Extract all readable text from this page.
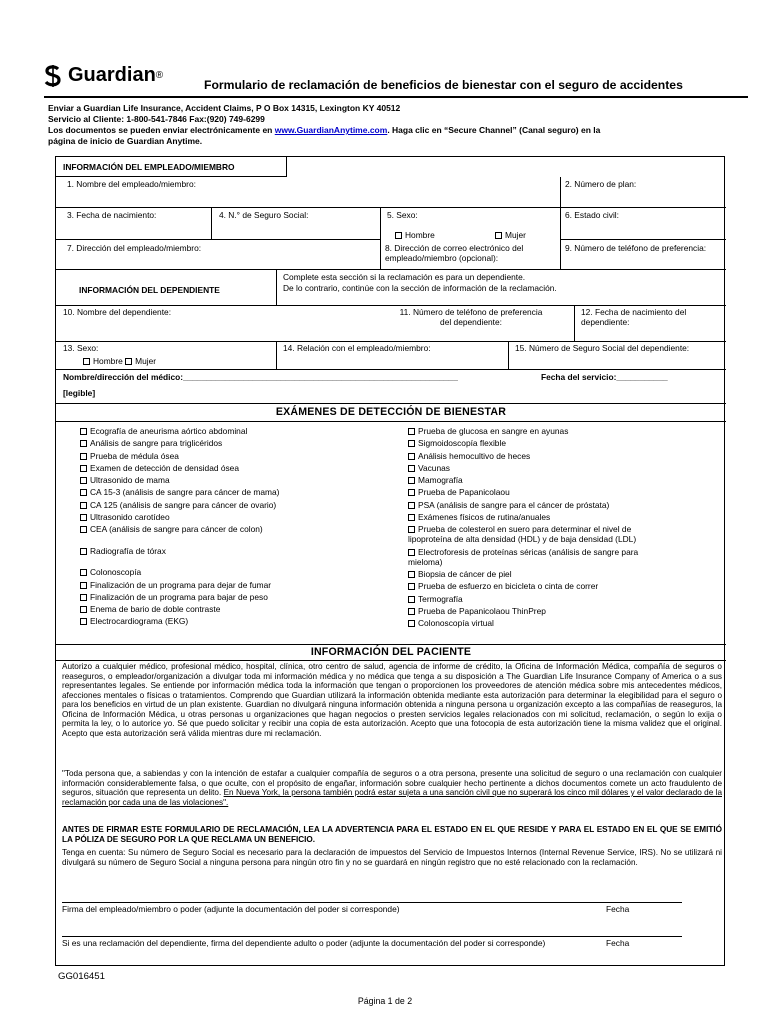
Guardian ®
Formulario de reclamación de beneficios de bienestar con el seguro de accidentes
Enviar a Guardian Life Insurance, Accident Claims, P O Box 14315, Lexington KY 40512
Servicio al Cliente: 1-800-541-7846 Fax:(920) 749-6299
Los documentos se pueden enviar electrónicamente en www.GuardianAnytime.com. Haga clic en “Secure Channel” (Canal seguro) en la
página de inicio de Guardian Anytime.
INFORMACIÓN DEL EMPLEADO/MIEMBRO
1. Nombre del empleado/miembro:	2. Número de plan:
3. Fecha de nacimiento:	4. N.° de Seguro Social:	5. Sexo:
Hombre	Mujer
6. Estado civil:
7. Dirección del empleado/miembro:	8. Dirección de correo electrónico del empleado/miembro (opcional):
9. Número de teléfono de preferencia:
INFORMACIÓN DEL DEPENDIENTE
Complete esta sección si la reclamación es para un dependiente.
De lo contrario, continúe con la sección de información de la reclamación.
10. Nombre del dependiente:	11. Número de teléfono de preferencia del dependiente:
12. Fecha de nacimiento del dependiente:
13. Sexo:
Hombre Mujer
14. Relación con el empleado/miembro:	15. Número de Seguro Social del dependiente:
Nombre/dirección del médico:___________________________________________________________	Fecha del servicio:___________
[legible]
EXÁMENES DE DETECCIÓN DE BIENESTAR

Ecografía de aneurisma aórtico abdominal

Análisis de sangre para triglicéridos

Prueba de médula ósea

Examen de detección de densidad ósea

Ultrasonido de mama

CA 15-3 (análisis de sangre para cáncer de mama)

CA 125 (análisis de sangre para cáncer de ovario)

Ultrasonido carotídeo

CEA (análisis de sangre para cáncer de colon)

Radiografía de tórax

Colonoscopía

Finalización de un programa para dejar de fumar

Finalización de un programa para bajar de peso

Enema de bario de doble contraste

Electrocardiograma (EKG)

Prueba de glucosa en sangre en ayunas

Sigmoidoscopía flexible

Análisis hemocultivo de heces

Vacunas

Mamografía

Prueba de Papanicolaou

PSA (análisis de sangre para el cáncer de próstata)

Exámenes físicos de rutina/anuales

Prueba de colesterol en suero para determinar el nivel de

lipoproteína de alta densidad (HDL) y de baja densidad (LDL)

Electroforesis de proteínas séricas (análisis de sangre para

mieloma)

Biopsia de cáncer de piel

Prueba de esfuerzo en bicicleta o cinta de correr

Termografía

Prueba de Papanicolaou ThinPrep

Colonoscopía virtual

INFORMACIÓN DEL PACIENTE
Autorizo a cualquier médico, profesional médico, hospital, clínica, otro centro de salud, agencia de informe de crédito, la Oficina de Información Médica, compañía de seguros o reaseguros, o empleador/organización a divulgar toda mi información médica y no médica que tenga a su disposición a The Guardian Life Insurance Company of America o a sus representantes legales. Se entiende por información médica toda la información que tengan o proporcionen los proveedores de atención médica sobre mis antecedentes médicos, afecciones mentales o físicas o tratamientos. Comprendo que Guardian utilizará la información obtenida mediante esta autorización para determinar la elegibilidad para el seguro o para los beneficios en virtud de un plan existente. Guardian no divulgará ninguna información obtenida a ninguna persona u organización excepto a las compañías de reaseguros, la Oficina de Información Médica, u otras personas u organizaciones que hagan negocios o presten servicios legales relacionados con mi solicitud, reclamación, o según lo exija o permita la ley, o lo autorice yo. Sé que puedo solicitar y recibir una copia de esta autorización. Acepto que una fotocopia de esta autorización tiene la misma validez que el original. Acepto que esta autorización será válida mientras dure mi reclamación.
"Toda persona que, a sabiendas y con la intención de estafar a cualquier compañía de seguros o a otra persona, presente una solicitud de seguro o una reclamación con cualquier información considerablemente falsa, o que oculte, con el propósito de engañar, información sobre cualquier hecho pertinente a dichos documentos comete un acto fraudulento de seguros, situación que representa un delito. En Nueva York, la persona también podrá estar sujeta a una sanción civil que no superará los cinco mil dólares y el valor declarado de la reclamación por cada una de las violaciones".
ANTES DE FIRMAR ESTE FORMULARIO DE RECLAMACIÓN, LEA LA ADVERTENCIA PARA EL ESTADO EN EL QUE RESIDE Y PARA EL ESTADO EN EL QUE SE EMITIÓ LA PÓLIZA DE SEGURO POR LA QUE RECLAMA UN BENEFICIO.
Tenga en cuenta: Su número de Seguro Social es necesario para la declaración de impuestos del Servicio de Impuestos Internos (Internal Revenue Service, IRS). No se utilizará ni divulgará su número de Seguro Social a ninguna persona para ningún otro fin y no se guardará en ningún registro que no esté relacionado con la reclamación.
Firma del empleado/miembro o poder (adjunte la documentación del poder si corresponde)	Fecha
Si es una reclamación del dependiente, firma del dependiente adulto o poder (adjunte la documentación del poder si corresponde)	Fecha
GG016451
Página 1 de 2
